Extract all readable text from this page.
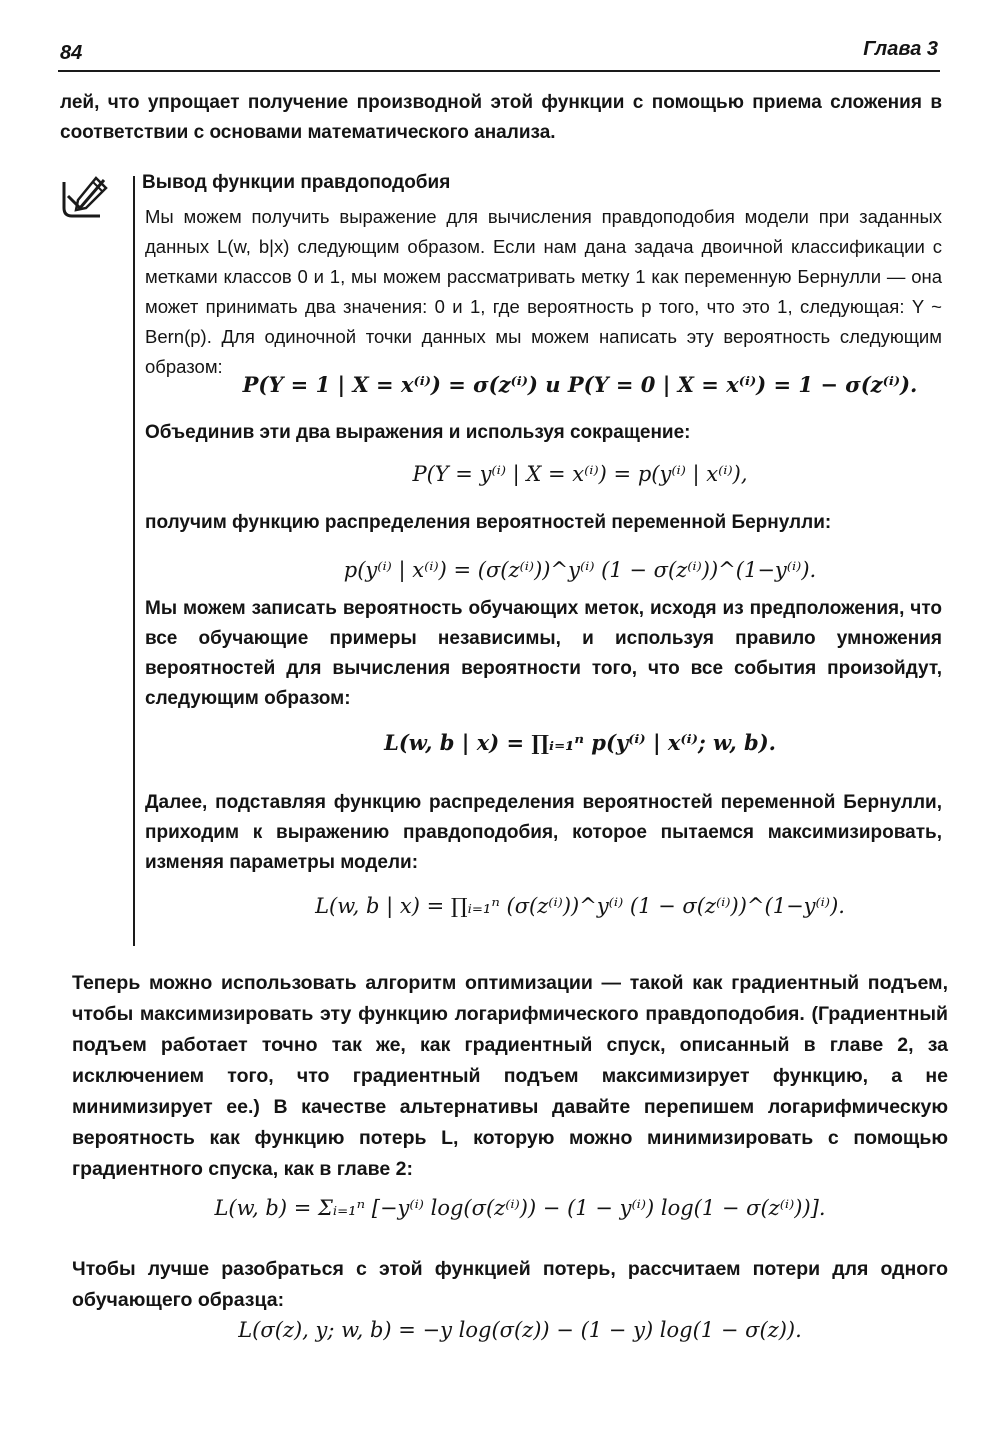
84	Глава 3
лей, что упрощает получение производной этой функции с помощью приема сложения в соответствии с основами математического анализа.
Вывод функции правдоподобия
Мы можем получить выражение для вычисления правдоподобия модели при заданных данных L(w, b|x) следующим образом. Если нам дана задача двоичной классификации с метками классов 0 и 1, мы можем рассматривать метку 1 как переменную Бернулли — она может принимать два значения: 0 и 1, где вероятность p того, что это 1, следующая: Y ~ Bern(p). Для одиночной точки данных мы можем написать эту вероятность следующим образом:
P(Y = 1 | X = x⁽ⁱ⁾) = σ(z⁽ⁱ⁾) и P(Y = 0 | X = x⁽ⁱ⁾) = 1 − σ(z⁽ⁱ⁾).
Объединив эти два выражения и используя сокращение:
P(Y = y⁽ⁱ⁾ | X = x⁽ⁱ⁾) = p(y⁽ⁱ⁾ | x⁽ⁱ⁾),
получим функцию распределения вероятностей переменной Бернулли:
p(y⁽ⁱ⁾ | x⁽ⁱ⁾) = (σ(z⁽ⁱ⁾))^y⁽ⁱ⁾ (1 − σ(z⁽ⁱ⁾))^(1−y⁽ⁱ⁾).
Мы можем записать вероятность обучающих меток, исходя из предположения, что все обучающие примеры независимы, и используя правило умножения вероятностей для вычисления вероятности того, что все события произойдут, следующим образом:
L(w, b | x) = ∏ᵢ₌₁ⁿ p(y⁽ⁱ⁾ | x⁽ⁱ⁾; w, b).
Далее, подставляя функцию распределения вероятностей переменной Бернулли, приходим к выражению правдоподобия, которое пытаемся максимизировать, изменяя параметры модели:
L(w, b | x) = ∏ᵢ₌₁ⁿ (σ(z⁽ⁱ⁾))^y⁽ⁱ⁾ (1 − σ(z⁽ⁱ⁾))^(1−y⁽ⁱ⁾).
Теперь можно использовать алгоритм оптимизации — такой как градиентный подъем, чтобы максимизировать эту функцию логарифмического правдоподобия. (Градиентный подъем работает точно так же, как градиентный спуск, описанный в главе 2, за исключением того, что градиентный подъем максимизирует функцию, а не минимизирует ее.) В качестве альтернативы давайте перепишем логарифмическую вероятность как функцию потерь L, которую можно минимизировать с помощью градиентного спуска, как в главе 2:
L(w, b) = Σᵢ₌₁ⁿ [−y⁽ⁱ⁾ log(σ(z⁽ⁱ⁾)) − (1 − y⁽ⁱ⁾) log(1 − σ(z⁽ⁱ⁾))].
Чтобы лучше разобраться с этой функцией потерь, рассчитаем потери для одного обучающего образца:
L(σ(z), y; w, b) = −y log(σ(z)) − (1 − y) log(1 − σ(z)).
